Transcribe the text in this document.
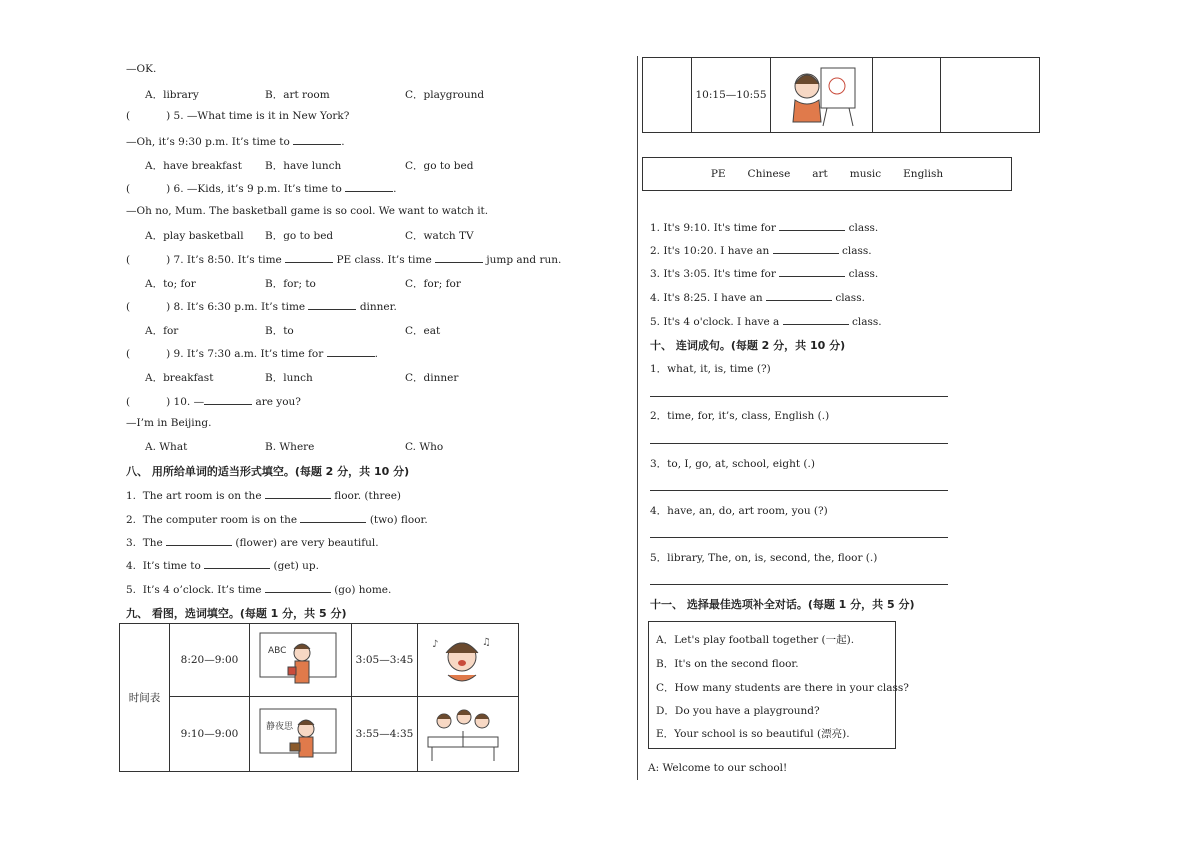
—OK.
A．library	B．art room	C．playground
(	) 5. —What time is it in New York?
—Oh, it’s 9:30 p.m. It’s time to	.
A．have breakfast B．have lunch	C．go to bed
(	) 6. —Kids, it’s 9 p.m. It’s time to	.
—Oh no, Mum. The basketball game is so cool. We want to watch it.
A．play basketball B．go to bed	C．watch TV
(	) 7. It’s 8:50. It’s time	PE class. It’s time	jump and run.
A．to; for	B．for; to	C．for; for
(	) 8. It’s 6:30 p.m. It’s time	dinner.
A．for	B．to	C．eat
(	) 9. It’s 7:30 a.m. It’s time for	.
A．breakfast	B．lunch	C．dinner
(	) 10. —	are you?
—I’m in Beijing.
A. What	B. Where	C. Who
八、 用所给单词的适当形式填空。(每题 2 分，共 10 分)
1. The art room is on the	floor. (three)
2. The computer room is on the	(two) floor.
3. The	(flower) are very beautiful.
4. It’s time to	(get) up.
5. It’s 4 o’clock. It’s time	(go) home.
九、 看图，选词填空。(每题 1 分，共 5 分)
时间表	8:20—9:00	ABC	3:05—3:45	♪ ♫

	9:10—9:00	静夜思	3:55—4:35	
	10:15—10:55	

PE Chinese art music English
1. It's 9:10. It's time for	class.
2. It's 10:20. I have an	class.
3. It's 3:05. It's time for	class.
4. It's 8:25. I have an	class.
5. It's 4 o'clock. I have a	class.
十、 连词成句。(每题 2 分，共 10 分)
1．what, it, is, time (?)
2．time, for, it’s, class, English (.)
3．to, I, go, at, school, eight (.)
4．have, an, do, art room, you (?)
5．library, The, on, is, second, the, floor (.)
十一、 选择最佳选项补全对话。(每题 1 分，共 5 分)
A．Let's play football together (一起).
B．It's on the second floor.
C．How many students are there in your class?
D．Do you have a playground?
E．Your school is so beautiful (漂亮).
A: Welcome to our school!
